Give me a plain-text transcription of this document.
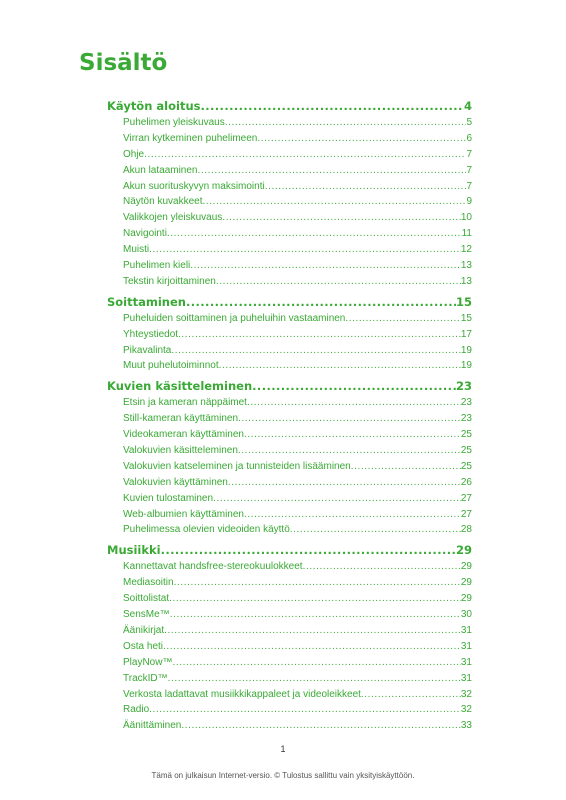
Sisältö
Käytön aloitus .....	4
Puhelimen yleiskuvaus .....	5
Virran kytkeminen puhelimeen .....	6
Ohje .....	7
Akun lataaminen .....	7
Akun suorituskyvyn maksimointi .....	7
Näytön kuvakkeet .....	9
Valikkojen yleiskuvaus .....	10
Navigointi .....	11
Muisti .....	12
Puhelimen kieli .....	13
Tekstin kirjoittaminen .....	13
Soittaminen .....	15
Puheluiden soittaminen ja puheluihin vastaaminen .....	15
Yhteystiedot .....	17
Pikavalinta .....	19
Muut puhelutoiminnot .....	19
Kuvien käsitteleminen .....	23
Etsin ja kameran näppäimet .....	23
Still-kameran käyttäminen .....	23
Videokameran käyttäminen .....	25
Valokuvien käsitteleminen .....	25
Valokuvien katseleminen ja tunnisteiden lisääminen .....	25
Valokuvien käyttäminen .....	26
Kuvien tulostaminen .....	27
Web-albumien käyttäminen .....	27
Puhelimessa olevien videoiden käyttö .....	28
Musiikki .....	29
Kannettavat handsfree-stereokuulokkeet .....	29
Mediasoitin .....	29
Soittolistat .....	29
SensMe™ .....	30
Äänikirjat .....	31
Osta heti .....	31
PlayNow™ .....	31
TrackID™ .....	31
Verkosta ladattavat musiikkikappaleet ja videoleikkeet .....	32
Radio .....	32
Äänittäminen .....	33
1
Tämä on julkaisun Internet-versio. © Tulostus sallittu vain yksityiskäyttöön.
